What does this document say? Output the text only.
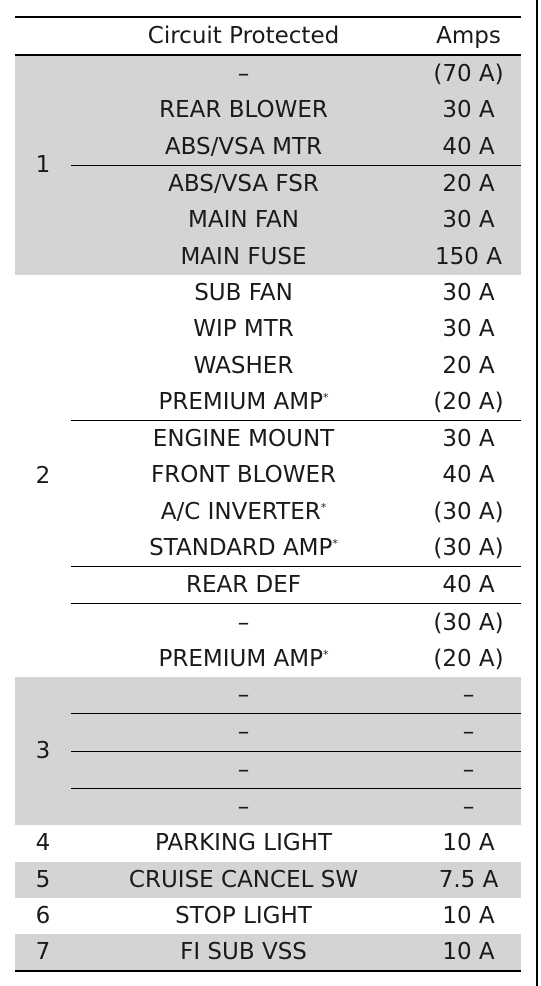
	Circuit Protected	Amps
1	–	(70 A)
	REAR BLOWER	30 A
	ABS/VSA MTR	40 A
	ABS/VSA FSR	20 A
	MAIN FAN	30 A
	MAIN FUSE	150 A
2	SUB FAN	30 A
	WIP MTR	30 A
	WASHER	20 A
	PREMIUM AMP*	(20 A)
	ENGINE MOUNT	30 A
	FRONT BLOWER	40 A
	A/C INVERTER*	(30 A)
	STANDARD AMP*	(30 A)
	REAR DEF	40 A
	–	(30 A)
	PREMIUM AMP*	(20 A)
3	–	–
	–	–
	–	–
	–	–
4	PARKING LIGHT	10 A
5	CRUISE CANCEL SW	7.5 A
6	STOP LIGHT	10 A
7	FI SUB VSS	10 A
